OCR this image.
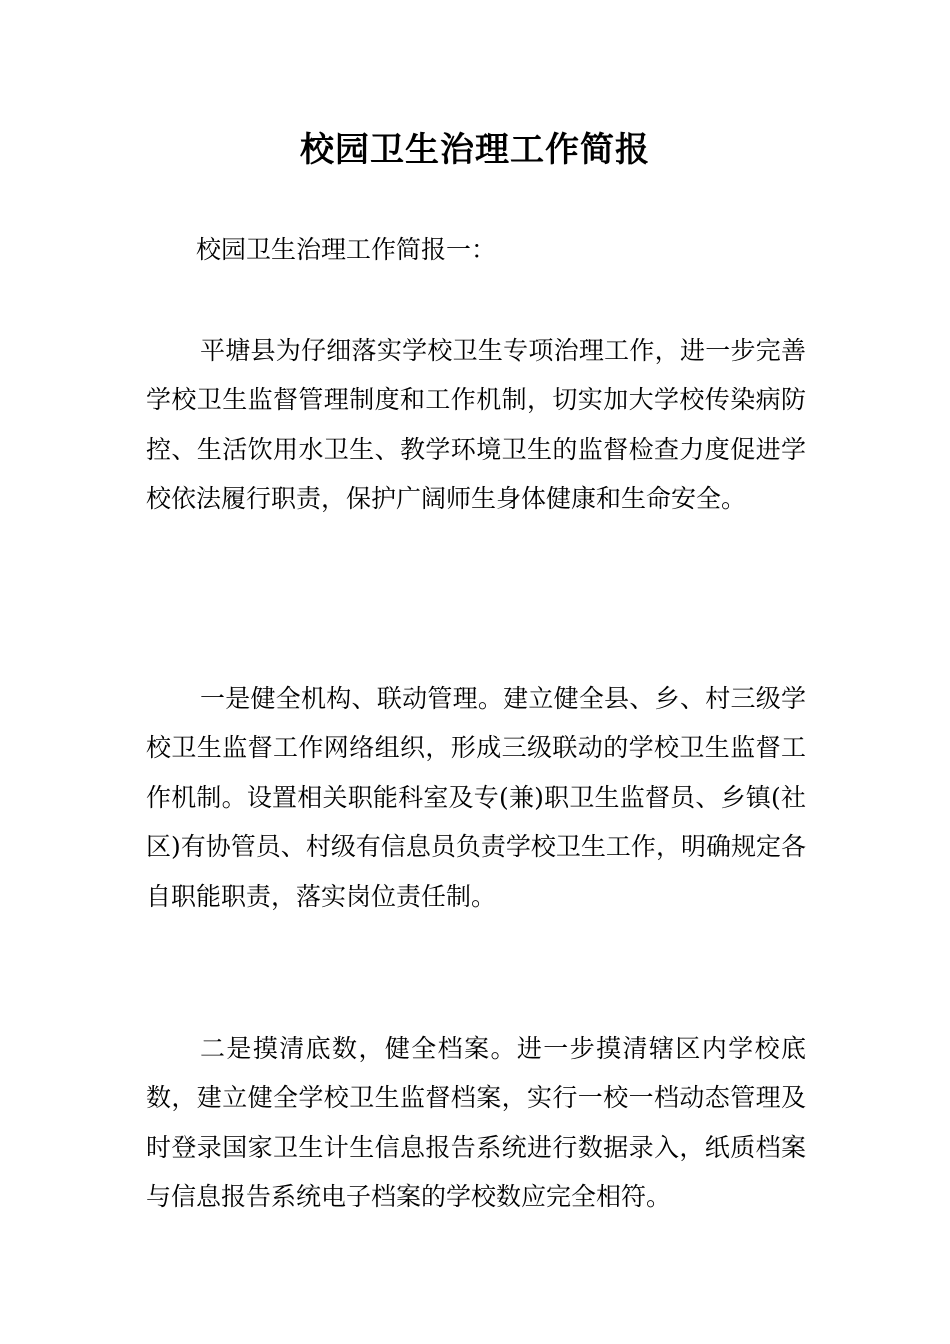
校园卫生治理工作简报

校园卫生治理工作简报一：

平塘县为仔细落实学校卫生专项治理工作，进一步完善学校卫生监督管理制度和工作机制，切实加大学校传染病防控、生活饮用水卫生、教学环境卫生的监督检查力度促进学校依法履行职责，保护广阔师生身体健康和生命安全。

一是健全机构、联动管理。建立健全县、乡、村三级学校卫生监督工作网络组织，形成三级联动的学校卫生监督工作机制。设置相关职能科室及专(兼)职卫生监督员、乡镇(社区)有协管员、村级有信息员负责学校卫生工作，明确规定各自职能职责，落实岗位责任制。

二是摸清底数，健全档案。进一步摸清辖区内学校底数，建立健全学校卫生监督档案，实行一校一档动态管理及时登录国家卫生计生信息报告系统进行数据录入，纸质档案与信息报告系统电子档案的学校数应完全相符。
